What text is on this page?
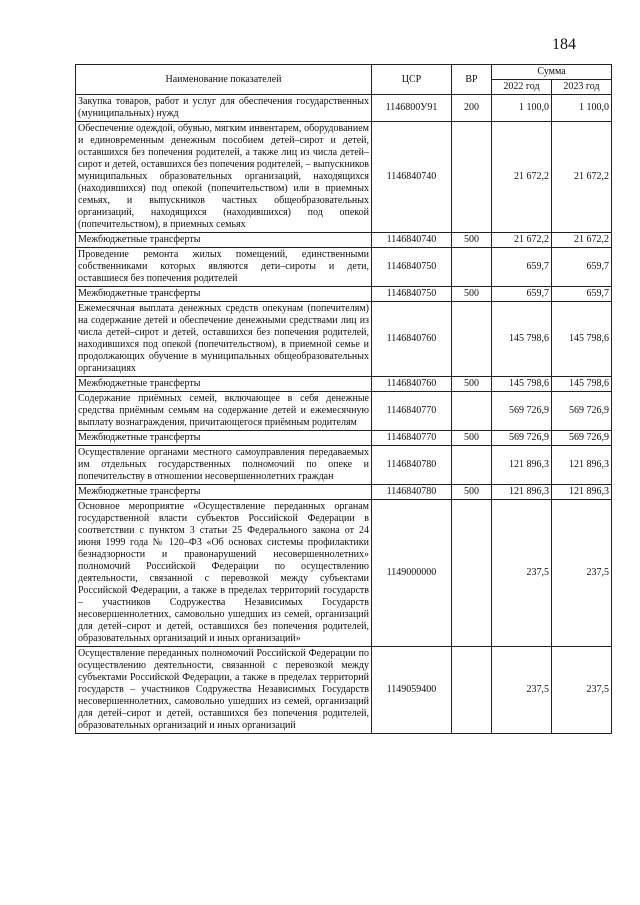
184
Наименование показателей	ЦСР	ВР	Сумма	
			2022 год	2023 год
Закупка товаров, работ и услуг для обеспечения государственных (муниципальных) нужд	1146800У91	200	1 100,0	1 100,0
Обеспечение одеждой, обувью, мягким инвентарем, оборудованием и единовременным денежным пособием детей–сирот и детей, оставшихся без попечения родителей, а также лиц из числа детей–сирот и детей, оставшихся без попечения родителей, – выпускников муниципальных образовательных организаций, находящихся (находившихся) под опекой (попечительством) или в приемных семьях, и выпускников частных общеобразовательных организаций, находящихся (находившихся) под опекой (попечительством), в приемных семьях	1146840740		21 672,2	21 672,2
Межбюджетные трансферты	1146840740	500	21 672,2	21 672,2
Проведение ремонта жилых помещений, единственными собственниками которых являются дети–сироты и дети, оставшиеся без попечения родителей	1146840750		659,7	659,7
Межбюджетные трансферты	1146840750	500	659,7	659,7
Ежемесячная выплата денежных средств опекунам (попечителям) на содержание детей и обеспечение денежными средствами лиц из числа детей–сирот и детей, оставшихся без попечения родителей, находившихся под опекой (попечительством), в приемной семье и продолжающих обучение в муниципальных общеобразовательных организациях	1146840760		145 798,6	145 798,6
Межбюджетные трансферты	1146840760	500	145 798,6	145 798,6
Содержание приёмных семей, включающее в себя денежные средства приёмным семьям на содержание детей и ежемесячную выплату вознаграждения, причитающегося приёмным родителям	1146840770		569 726,9	569 726,9
Межбюджетные трансферты	1146840770	500	569 726,9	569 726,9
Осуществление органами местного самоуправления передаваемых им отдельных государственных полномочий по опеке и попечительству в отношении несовершеннолетних граждан	1146840780		121 896,3	121 896,3
Межбюджетные трансферты	1146840780	500	121 896,3	121 896,3
Основное мероприятие «Осуществление переданных органам государственной власти субъектов Российской Федерации в соответствии с пунктом 3 статьи 25 Федерального закона от 24 июня 1999 года № 120–ФЗ «Об основах системы профилактики безнадзорности и правонарушений несовершеннолетних» полномочий Российской Федерации по осуществлению деятельности, связанной с перевозкой между субъектами Российской Федерации, а также в пределах территорий государств – участников Содружества Независимых Государств несовершеннолетних, самовольно ушедших из семей, организаций для детей–сирот и детей, оставшихся без попечения родителей, образовательных организаций и иных организаций»	1149000000		237,5	237,5
Осуществление переданных полномочий Российской Федерации по осуществлению деятельности, связанной с перевозкой между субъектами Российской Федерации, а также в пределах территорий государств – участников Содружества Независимых Государств несовершеннолетних, самовольно ушедших из семей, организаций для детей–сирот и детей, оставшихся без попечения родителей, образовательных организаций и иных организаций	1149059400		237,5	237,5
